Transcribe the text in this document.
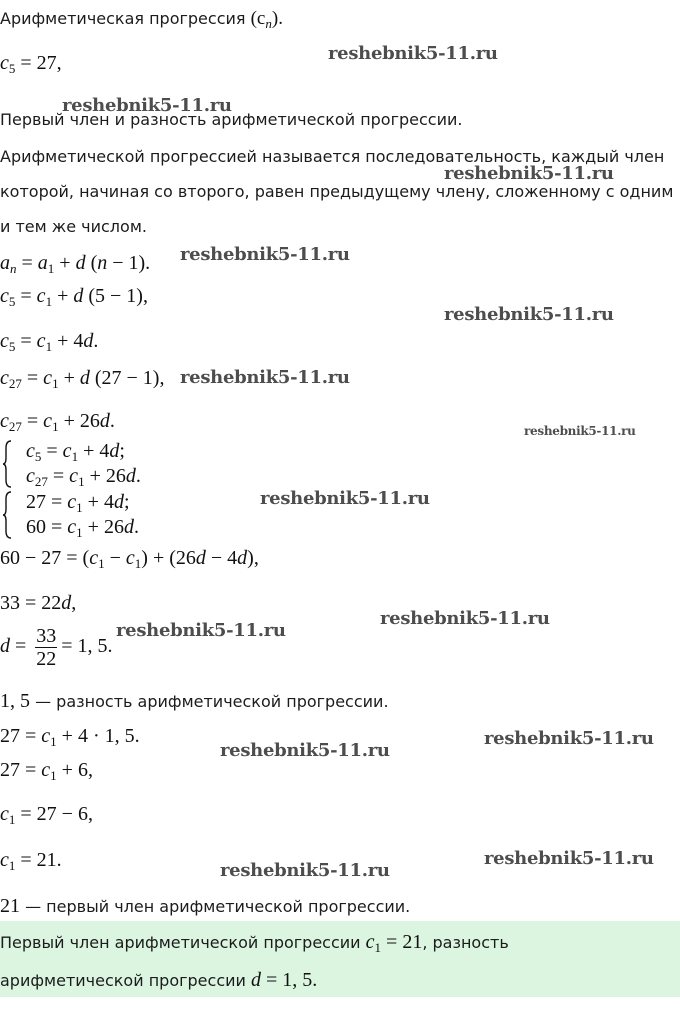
Арифметическая прогрессия $(c_n)$.
$c_5 = 27$,
Первый член и разность арифметической прогрессии.
Арифметической прогрессией называется последовательность, каждый член
которой, начиная со второго, равен предыдущему члену, сложенному с одним
и тем же числом.
$a_n = a_1 + d$ (n − 1).
$c_5 = c_1 + d$ (5 − 1),
$c_5 = c_1 + 4d$.
$c_{27} = c_1 + d$ (27 − 1),
$c_{27} = c_1 + 26d$.
$c_5 = c_1 + 4d$;
$c_{27} = c_1 + 26d$.
$27 = c_1 + 4d$;
$60 = c_1 + 26d$.
$60 - 27 = (c_1 - c_1) + (26d - 4d)$,
33 = 22d,
$d = \frac{33}{22} = 1$, 5.
1, 5 — разность арифметической прогрессии.
$27 = c_1 + 4 \cdot 1$, 5.
$27 = c_1 + 6$,
$c_1 = 27 - 6$,
$c_1 = 21$.
21 — первый член арифметической прогрессии.
Первый член арифметической прогрессии $c_1 = 21$, разность
арифметической прогрессии d = 1, 5.
reshebnik5-11.ru
reshebnik5-11.ru
reshebnik5-11.ru
reshebnik5-11.ru
reshebnik5-11.ru
reshebnik5-11.ru
reshebnik5-11.ru
reshebnik5-11.ru
reshebnik5-11.ru
reshebnik5-11.ru
reshebnik5-11.ru
reshebnik5-11.ru
reshebnik5-11.ru
reshebnik5-11.ru
